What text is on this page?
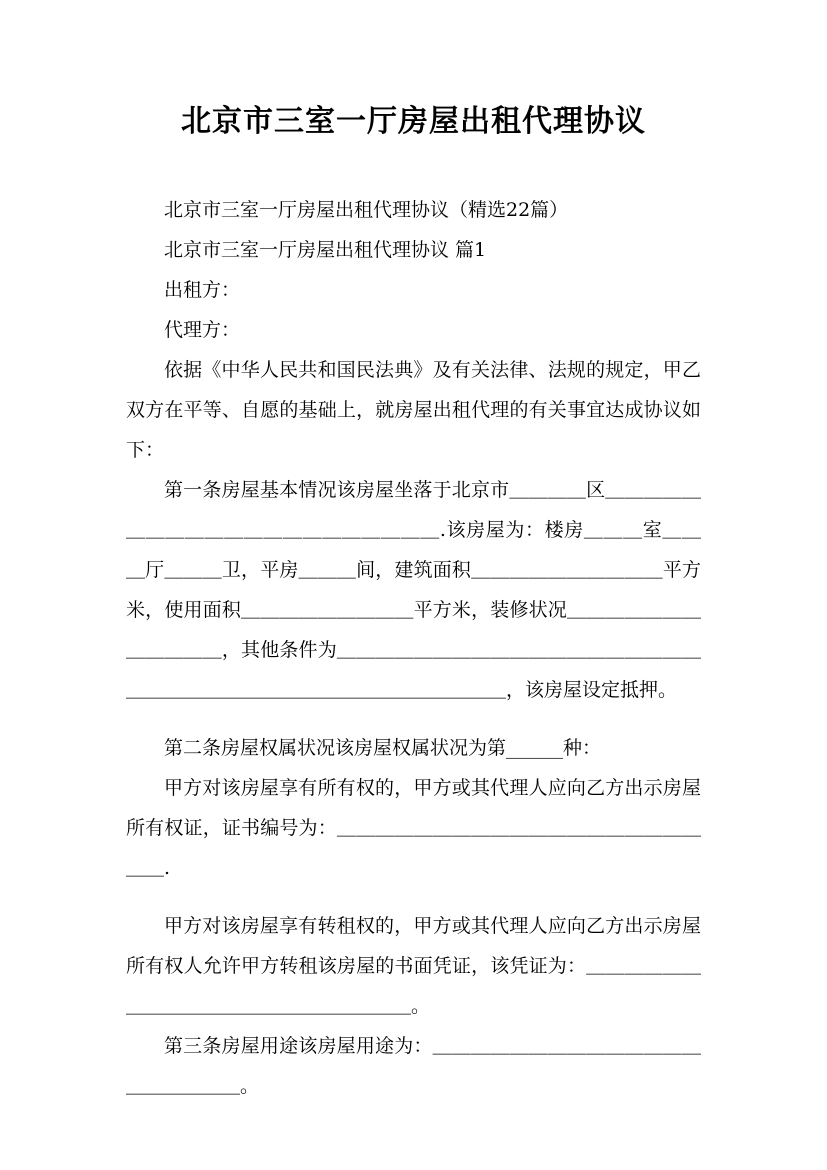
北京市三室一厅房屋出租代理协议

北京市三室一厅房屋出租代理协议（精选22篇）

北京市三室一厅房屋出租代理协议 篇1

出租方：

代理方：

依据《中华人民共和国民法典》及有关法律、法规的规定，甲乙双方在平等、自愿的基础上，就房屋出租代理的有关事宜达成协议如下：

第一条房屋基本情况该房屋坐落于北京市＿＿＿＿区＿＿＿＿＿＿＿＿＿＿＿＿＿＿＿＿＿＿＿＿＿.该房屋为：楼房＿＿＿室＿＿＿厅＿＿＿卫，平房＿＿＿间，建筑面积＿＿＿＿＿＿＿＿＿＿平方米，使用面积＿＿＿＿＿＿＿＿＿平方米，装修状况＿＿＿＿＿＿＿＿＿＿＿＿，其他条件为＿＿＿＿＿＿＿＿＿＿＿＿＿＿＿＿＿＿＿＿＿＿＿＿＿＿＿＿＿＿＿＿＿＿＿＿＿＿＿，该房屋设定抵押。

第二条房屋权属状况该房屋权属状况为第______种：

甲方对该房屋享有所有权的，甲方或其代理人应向乙方出示房屋所有权证，证书编号为：＿＿＿＿＿＿＿＿＿＿＿＿＿＿＿＿＿＿＿＿＿.

甲方对该房屋享有转租权的，甲方或其代理人应向乙方出示房屋所有权人允许甲方转租该房屋的书面凭证，该凭证为：＿＿＿＿＿＿＿＿＿＿＿＿＿＿＿＿＿＿＿＿＿。

第三条房屋用途该房屋用途为：＿＿＿＿＿＿＿＿＿＿＿＿＿＿＿＿＿＿＿＿。
